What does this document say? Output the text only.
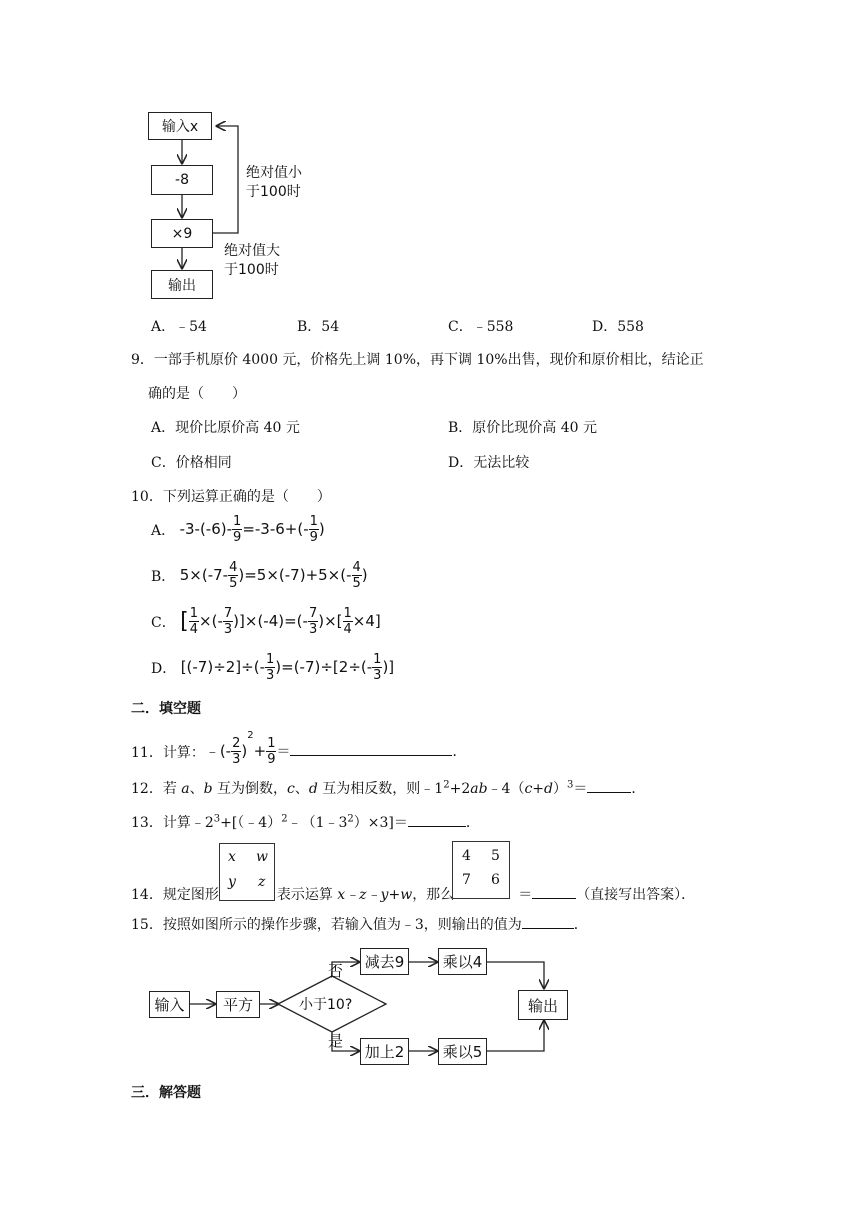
输入x
-8
×9
输出
绝对值小
于100时
绝对值大
于100时
A．﹣54	B．54	C．﹣558	D．558
9．一部手机原价 4000 元，价格先上调 10%，再下调 10%出售，现价和原价相比，结论正
确的是（　　）
A．现价比原价高 40 元	B．原价比现价高 40 元
C．价格相同	D．无法比较
10．下列运算正确的是（　　）
A． $-3-(-6)- \frac{1}{9} =-3-6+(- \frac{1}{9}$ )
B． $5\times(-7- \frac{4}{5} )=5\times(-7)+5\times(- \frac{4}{5}$ )
C． [ $\frac{1}{4}$ ×(- $\frac{7}{3} )]\times(-4)=(- \frac{7}{3}$ )×[ $\frac{1}{4} \times 4$]
D． $[(-7)\div 2]\div(- \frac{1}{3} )=(-7)\div[2\div(- \frac{1}{3}$ )]
二．填空题
11．计算：﹣(- $\frac{2}{3} )^2+ \frac{1}{9}$ ＝	．
12．若 a、b 互为倒数，c、d 互为相反数，则$﹣1^2+2ab﹣4(c+d)^3=$	．
13．计算$﹣2^3+[(﹣4)^2﹣(1﹣3^2)\times 3]=$	．
14．规定图形	表示运算 x﹣z﹣y+w，那么	＝	（直接写出答案）．
x w
y z
4 5
7 6
15．按照如图所示的操作步骤，若输入值为﹣3，则输出的值为	．
输入	平方	小于10?
否
是
减去9	乘以4
加上2	乘以5
输出
三．解答题
